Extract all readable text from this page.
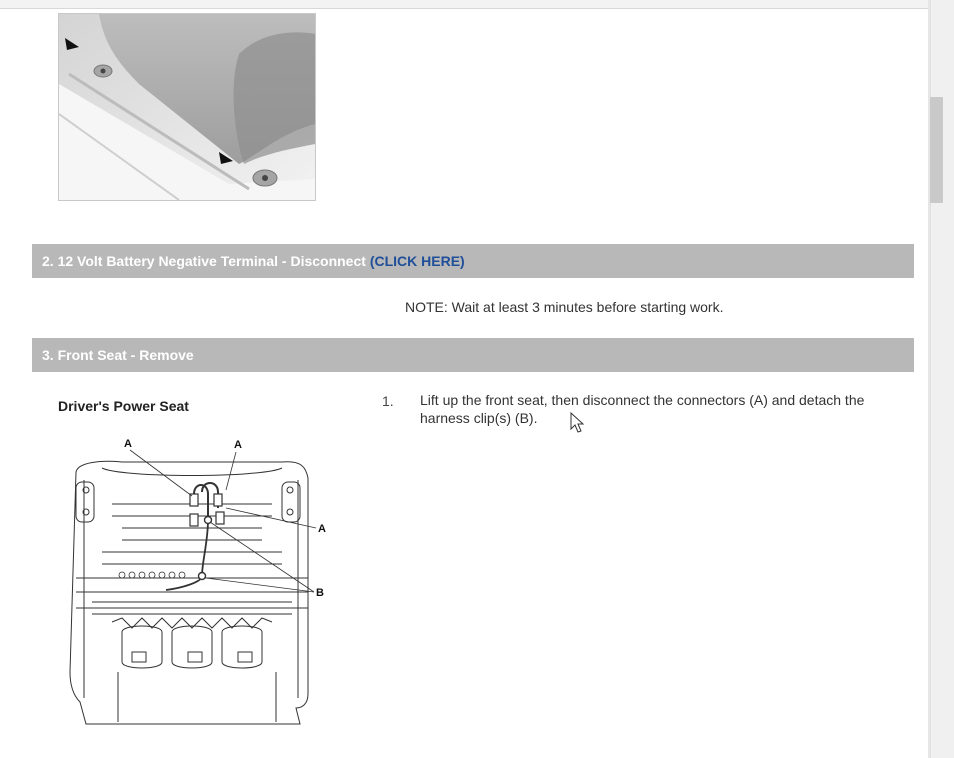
2. 12 Volt Battery Negative Terminal - Disconnect (CLICK HERE)
NOTE: Wait at least 3 minutes before starting work.
3. Front Seat - Remove
Driver's Power Seat	1. Lift up the front seat, then disconnect the connectors (A) and detach the harness clip(s) (B).
A	A
A
B
